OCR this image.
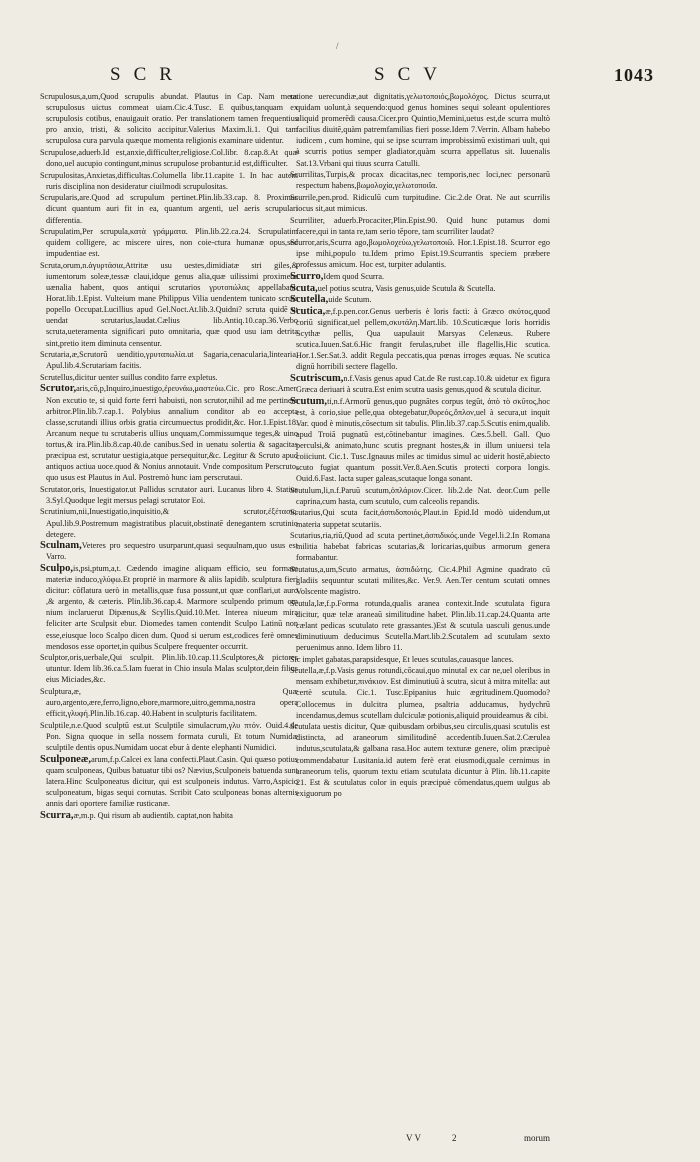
/
SCR	SCV	1043

Scrupulosus,a,um,Quod scrupulis abundat. Plautus in Cap. Nam meus scrupulosus uictus commeat uiam.Cic.4.Tusc. E quibus,tanquam ex scrupulosis cotibus, enauigauit oratio. Per translationem tamen frequentius pro anxio, tristi, & solicito accipitur.Valerius Maxim.li.1. Qui tam scrupulosa cura parvula quæque momenta religionis examinare uidentur.

Scrupulose,aduerb.Id est,anxie,difficulter,religiose.Col.libr. 8.cap.8.At quæ dono,uel aucupio contingunt,minus scrupulose probantur.id est,difficulter.

Scrupulositas,Anxietas,difficultas.Columella libr.11.capite 1. In hac autem ruris disciplina non desideratur ciuilmodi scrupulositas.

Scrupularis,are.Quod ad scrupulum pertinet.Plin.lib.33.cap. 8. Proximus dicunt quantum auri fit in ea, quantum argenti, uel aeris scrupulari differentia.

Scrupulatim,Per scrupula,κατὰ γράμματα. Plin.lib.22.ca.24. Scrupulatim quidem colligere, ac miscere uires, non coie-ctura humanæ opus,sed impudentiae est.

Scruta,orum,n.ἀγυρτάσια,Attritæ usu uestes,dimidiatæ stri giles,& iumentorum soleæ,tessæ claui,idque genus alia,quæ uilissimi proximetæ uænalia habent, quos antiqui scrutarios γρυτοπώλας appellabant. Horat.lib.1.Epist. Vulteium mane Philippus Vilia uendentem tunicato scruta popello Occupat.Lucillius apud Gel.Noct.At.lib.3.Quidni? scruta quidē ut uendat scrutarius,laudat.Cælius lib.Antiq.10.cap.36.Verbo scruta,ueteramenta significari puto omnitaria, quæ quod usu iam detrita sint,pretio item diminuta censentur.

Scrutaria,æ,Scrutorū uenditio,γρυταπωλία.ut Sagaria,cenacularia,lintearia. Apul.lib.4.Scrutariam facitis.

Scrutellus,dicitur uenter suillus condito farre expletus.

Scrutor,aris,cō,p,Inquiro,inuestigo,ἐρευνάω,μαστεύω.Cic. pro Rosc.Amer. Non excutio te, si quid forte ferri habuisti, non scrutor,nihil ad me pertinere arbitror.Plin.lib.7.cap.1. Polybius annalium conditor ab eo accepta classe,scrutandi illius orbis gratia circumuectus prodidit,&c. Hor.1.Epist.18. Arcanum neque tu scrutaberis ullius unquam,Commissumque teges,& uino tortus,& ira.Plin.lib.8.cap.40.de canibus.Sed in uenatu solertia & sagacitas præcipua est, scrutatur uestigia,atque persequitur,&c. Legitur & Scruto apud antiquos actiua uoce.quod & Nonius annotauit. Vnde compositum Perscruto, quo usus est Plautus in Aul. Postremò hunc iam perscrutaui.

Scrutator,oris, Inuestigator.ut Pallidus scrutator auri. Lucanus libro 4. Statius 3.Syl.Quodque legit mersus pelagi scrutator Eoi.

Scrutinium,nii,Inuestigatio,inquisitio,& scrutor,ἐξέτασις. Apul.lib.9.Postremum magistratibus placuit,obstinatē denegantem scrutinio detegere.

Sculnam,Veteres pro sequestro usurparunt,quasi sequulnam,quo usus est Varro.

Sculpo,is,psi,ptum,a,t. Cædendo imagine aliquam efficio, seu formam materiæ induco,γλύφω.Et propriè in marmore & aliis lapidib. sculptura fieri dicitur: cōflatura uerò in metallis,quæ fusa possunt,ut quæ conflari,ut auro ,& argento, & cæteris. Plin.lib.36.cap.4. Marmore sculpendo primum om nium inclaruerut Dipænus,& Scyllis.Quid.10.Met. Interea niueum mira feliciter arte Sculpsit ebur. Diomedes tamen contendit Sculpo Latinū non esse,eiusque loco Scalpo dicen dum. Quod si uerum est,codices ferè omnes mendosos esse oportet,in quibus Sculpere frequenter occurrit.

Sculptor,oris,uerbale,Qui sculpit. Plin.lib.10.cap.11.Sculptores,& pictores utuntur. Idem lib.36.ca.5.Iam fuerat in Chio insula Malas sculptor,dein filius eius Miciades,&c.

Sculptura,æ, Quæ auro,argento,ære,ferro,ligno,ebore,marmore,uitro,gemma,nostra opera efficit,γλυφή.Plin.lib.16.cap. 40.Habent in sculpturis facilitatem.

Sculptile,n.e.Quod sculptū est.ut Sculptile simulacrum,γλυ πτόν. Ouid.4.de Pon. Signa quoque in sella nossem formata curuli, Et totum Numidæ sculptile dentis opus.Numidam uocat ebur à dente elephanti Numidici.

Sculponeæ,arum,f.p.Calcei ex lana confecti.Plaut.Casin. Qui quæso potius quam sculponeas, Quibus batuatur tibi os? Nævius,Sculponeis batuenda sunt latera.Hinc Sculponeatus dicitur, qui est sculponeis indutus. Varro,Aspicio sculponeatum, bigas sequi cornutas. Scribit Cato sculponeas bonas alternis annis dari oportere familiæ rusticanæ.

Scurra,æ,m.p. Qui risum ab audientib. captat,non habita

ratione uerecundiæ,aut dignitatis,γελωτοποιός,βωμολόχος. Dictus scurra,ut quidam uolunt,à sequendo:quod genus homines sequi soleant opulentiores aliquid promerēdi causa.Cicer.pro Quintio,Memini,uetus est,de scurra multò facilius diuitē,quàm patremfamilias fieri posse.Idem 7.Verrin. Albam habebo iudicem , cum homine, qui se ipse scurram improbissimū existimari uult, qui à scurris potius semper gladiator,quàm scurra appellatus sit. Iuuenalis Sat.13.Vrbani qui tiuus scurra Catulli.

Scurrilitas,Turpis,& procax dicacitas,nec temporis,nec loci,nec personarū respectum habens,βωμολοχία,γελωτοποιΐα.

Scurrile,pen.prod. Ridiculū cum turpitudine. Cic.2.de Orat. Ne aut scurrilis iocus sit,aut mimicus.

Scurriliter, aduerb.Procaciter,Plin.Epist.90. Quid hunc putamus domi facere,qui in tanta re,tam serio tēpore, tam scurriliter laudat?

Scurror,aris,Scurra ago,βωμολοχεύω,γελωτοποιῶ. Hor.1.Epist.18. Scurror ego ipse mihi,populo tu.Idem primo Epist.19.Scurrantis speciem præbere professus amicum. Hoc est, turpiter adulantis.

Scurro,Idem quod Scurra.

Scuta,uel potius scutra, Vasis genus,uide Scutula & Scutella.

Scutella,uide Scutum.

Scutica,æ,f.p.pen.cor.Genus uerberis è loris facti: à Græco σκύτος,quod coriū significat,uel pellem,σκυτάλη.Mart.lib. 10.Scuticæque loris horridis Scythæ pellis, Qua uapulauit Marsyas Celenæus. Rubere scutica.Iuuen.Sat.6.Hic frangit ferulas,rubet ille flagellis,Hic scutica. Hor.1.Ser.Sat.3. addit Regula peccatis,qua pœnas irroges æquas. Ne scutica dignū horribili sectere flagello.

Scutriscum,n.f.Vasis genus apud Cat.de Re rust.cap.10.& uidetur ex figura Græca deriuari à scutra.Est enim scutra uasis genus,quod & scutula dicitur.

Scutum,ti,n.f.Armorū genus,quo pugnātes corpus tegūt, ἀπὸ τὸ σκῦτος,hoc est, à corio,siue pelle,qua obtegebatur,θυρεός,ὅπλον,uel à secura,ut inquit Var. quod è minutis,cōsectum sit tabulis. Plin.lib.37.cap.5.Scutis enim,qualib. apud Troiā pugnatū est,cōtinebantur imagines. Cæs.5.bell. Gall. Quo perculsi,& animato,hunc scutis pregnant hostes,& in illum uniuersi tela coiiciunt. Cic.1. Tusc.Ignauus miles ac timidus simul ac uiderit hostē,abiecto scuto fugiat quantum possit.Ver.8.Aen.Scutis protecti corpora longis. Ouid.6.Fast. lacta super galeas,scutaque longa sonant.

Scutulum,li,n.f.Paruū scutum,ὁπλάριον.Cicer. lib.2.de Nat. deor.Cum pelle caprina,cum hasta, cum scutulo, cum calceolis repandis.

Scutarius,Qui scuta facit,ἀσπιδοποιός.Plaut.in Epid.Id modò uidendum,ut materia suppetat scutariis.

Scutarius,ria,riū,Quod ad scuta pertinet,ἀσπιδικός.unde Vegel.li.2.In Romana militia habebat fabricas scutarias,& loricarias,quibus armorum genera formabantur.

Scutatus,a,um,Scuto armatus, ἀσπιδώτης. Cic.4.Phil Agmine quadrato cū gladiis sequuntur scutati milites,&c. Ver.9. Aen.Ter centum scutati omnes Volscente magistro.

Scutula,læ,f.p.Forma rotunda,qualis aranea contexit.Inde scutulata figura dicitur, quæ telæ araneaū similitudine habet. Plin.lib.11.cap.24.Quanta arte cælant pedicas scutulato rete grassantes.)Est & scutula uasculi genus.unde diminutiuum deducimus Scutella.Mart.lib.2.Scutalem ad scutulam sexto peruenimus anno. Idem libro 11.

Sic implet gabatas,parapsidesque, Et leues scutulas,cauasque lances.

Scutella,æ,f.p.Vasis genus rotundi,cōcaui,quo minutal ex car ne,uel oleribus in mensam exhibetur,πινάκιον. Est diminutiuū à scutra, sicut à mitra mitella: aut certè scutula. Cic.1. Tusc.Epipanius huic ægritudinem.Quomodo? Collocemus in dulcitra plumea, psaltria adducamus, hydychrū incendamus,demus scutellam dulciculæ potionis,aliquid prouideamus & cibi.

Scutulata uestis dicitur, Quæ quibusdam orbibus,seu circulis,quasi scutulis est distincta, ad araneorum similitudinē accedentib.Iuuen.Sat.2.Cærulea indutus,scutulata,& galbana rasa.Hoc autem texturæ genere, olim præcipuè commendabatur Lusitania.id autem ferè erat eiusmodi,quale cernimus in araneorum telis, quorum textu etiam scutulata dicuntur à Plin. lib.11.capite 21. Est & scutulatus color in equis præcipuè cōmendatus,quem uulgus ab exiguorum po

VV	2	morum
